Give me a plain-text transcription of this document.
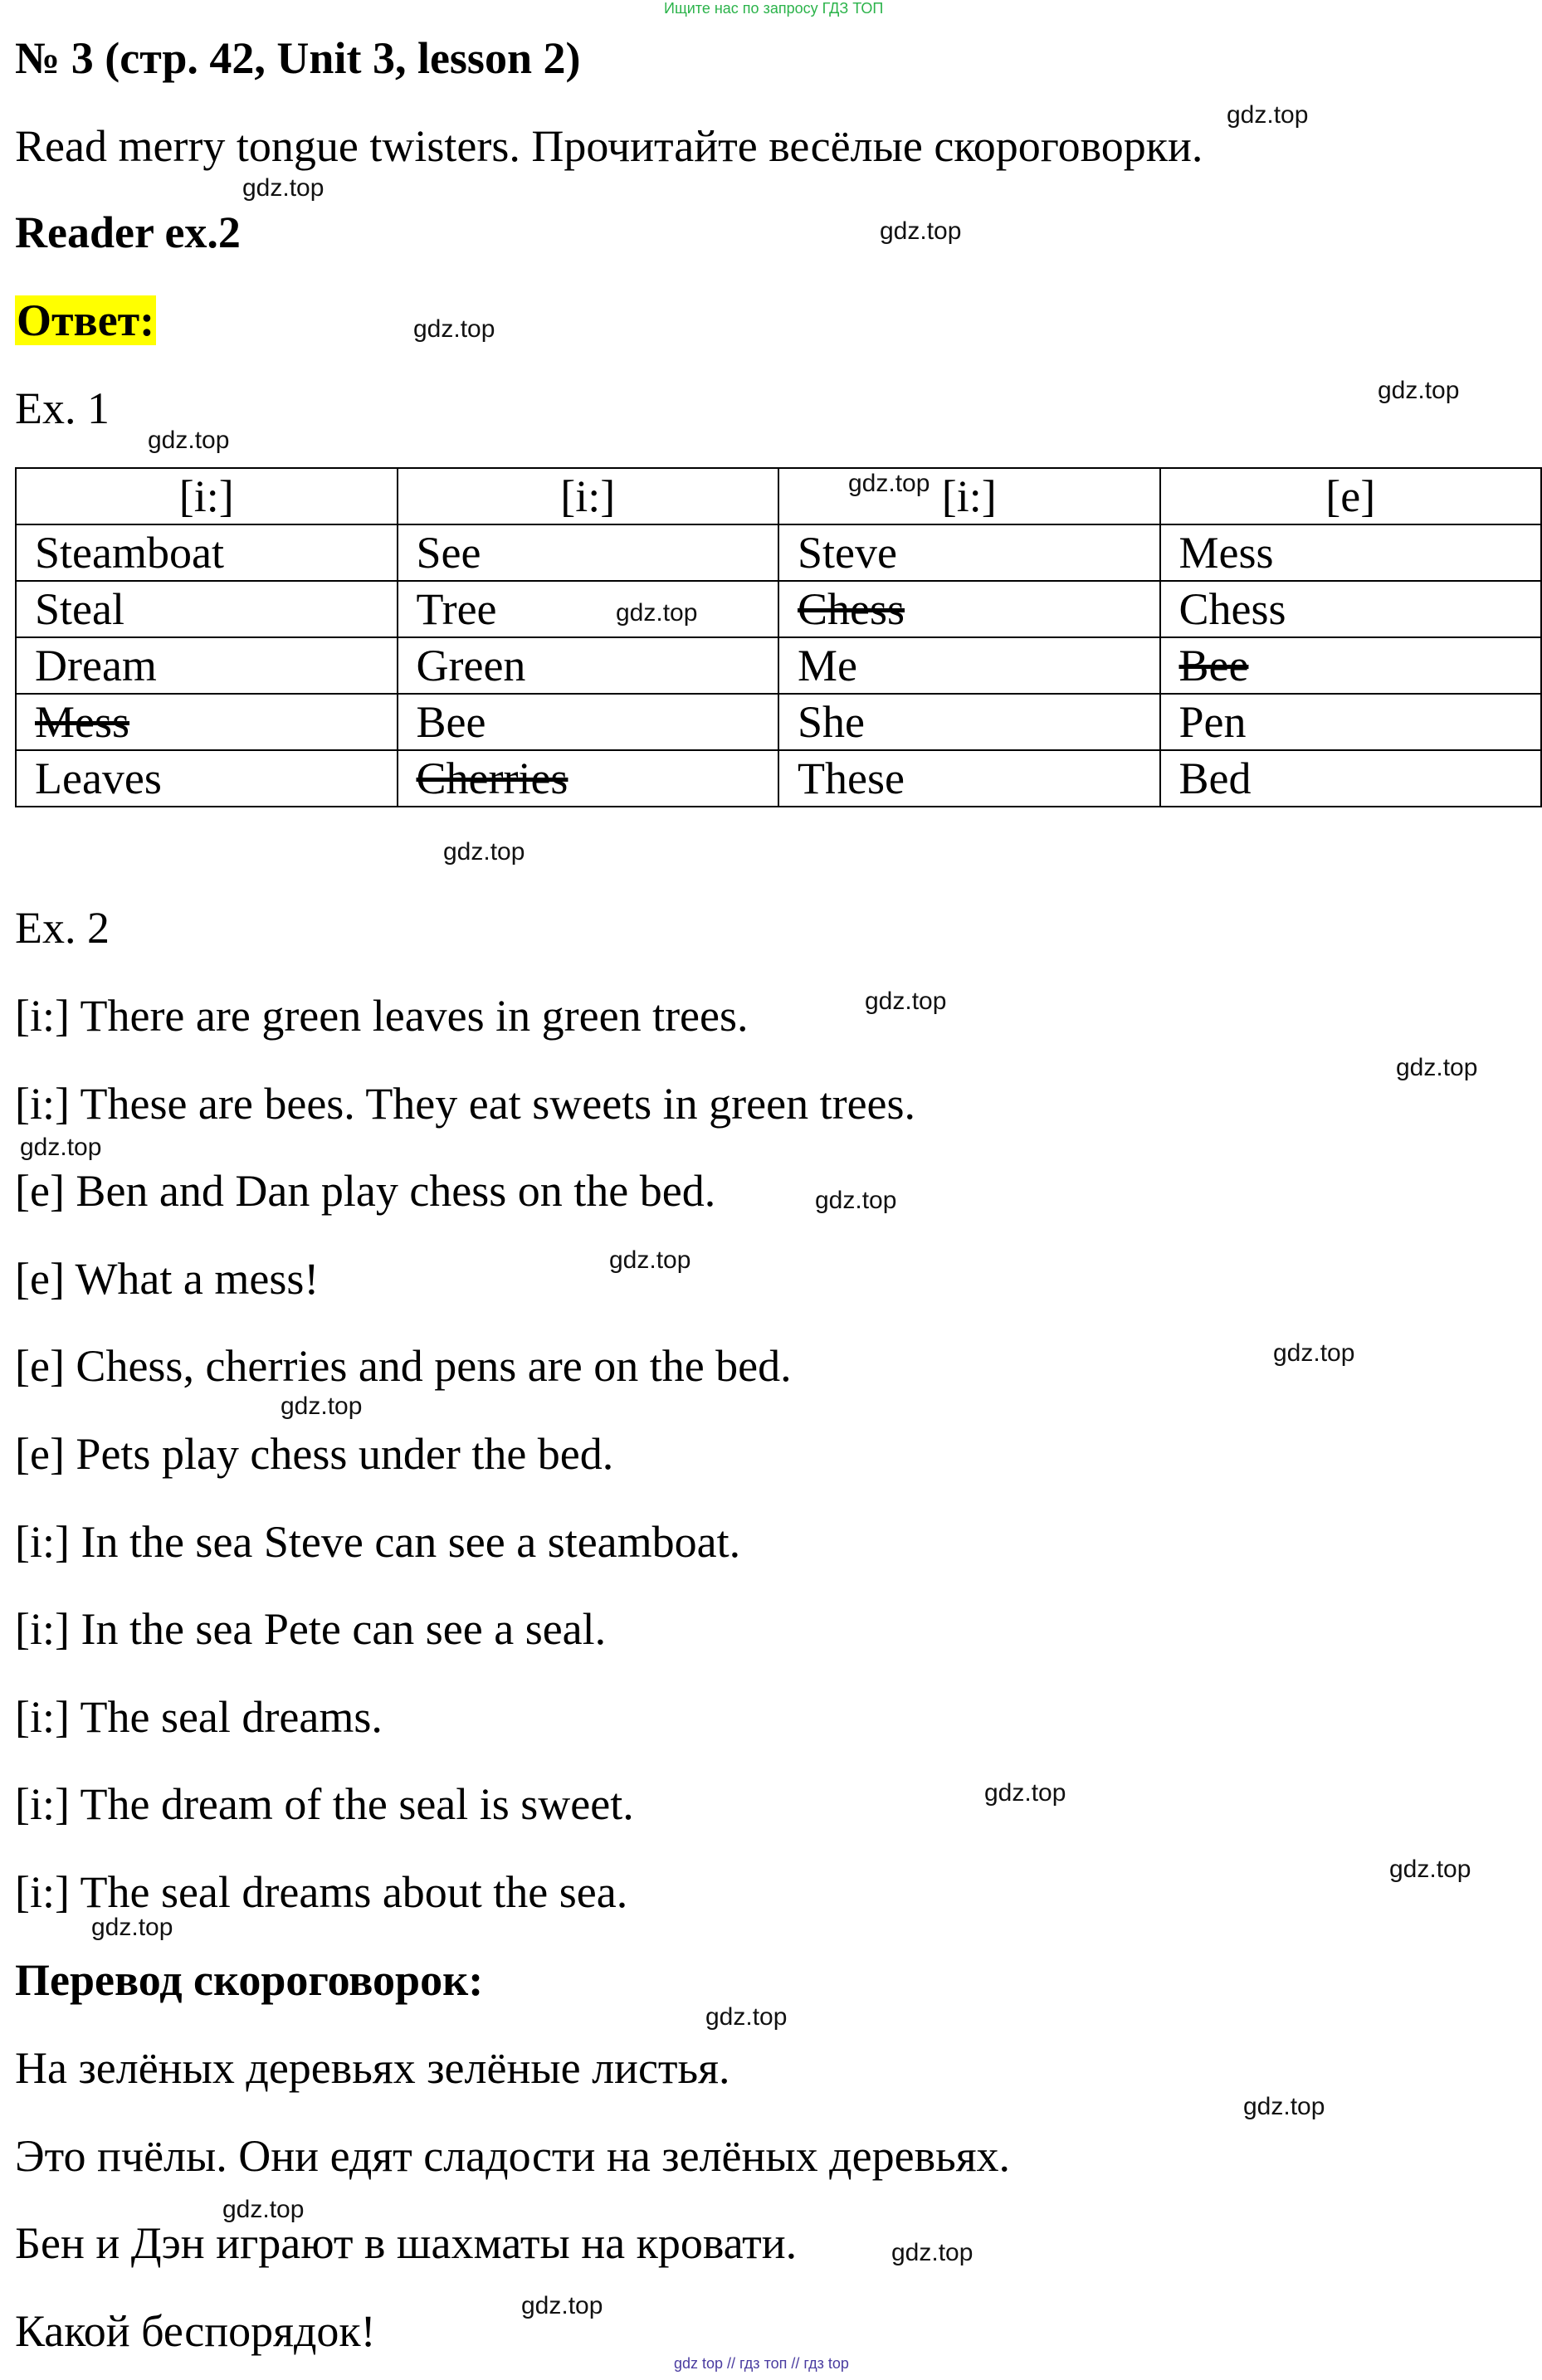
Ищите нас по запросу ГДЗ ТОП
№ 3 (стр. 42, Unit 3, lesson 2)
Read merry tongue twisters. Прочитайте весёлые скороговорки.
Reader ex.2
Ответ:
Ex. 1
[i:]	[i:]	[i:]	[e]
Steamboat	See	Steve	Mess
Steal	Tree	Chess	Chess
Dream	Green	Me	Bee
Mess	Bee	She	Pen
Leaves	Cherries	These	Bed
Ex. 2
[i:] There are green leaves in green trees.
[i:] These are bees. They eat sweets in green trees.
[e] Ben and Dan play chess on the bed.
[e] What a mess!
[e] Chess, cherries and pens are on the bed.
[e] Pets play chess under the bed.
[i:] In the sea Steve can see a steamboat.
[i:] In the sea Pete can see a seal.
[i:] The seal dreams.
[i:] The dream of the seal is sweet.
[i:] The seal dreams about the sea.
Перевод скороговорок:
На зелёных деревьях зелёные листья.
Это пчёлы. Они едят сладости на зелёных деревьях.
Бен и Дэн играют в шахматы на кровати.
Какой беспорядок!
gdz.top
gdz.top
gdz.top
gdz.top
gdz.top
gdz.top
gdz.top
gdz.top
gdz.top
gdz.top
gdz.top
gdz.top
gdz.top
gdz.top
gdz.top
gdz.top
gdz.top
gdz.top
gdz.top
gdz.top
gdz.top
gdz.top
gdz.top
gdz.top
gdz top // гдз топ // гдз top
